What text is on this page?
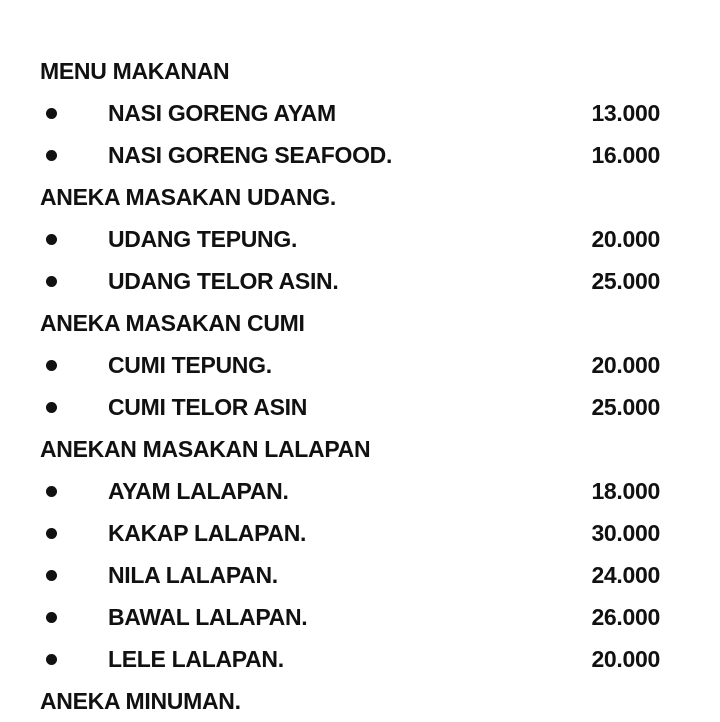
MENU MAKANAN
NASI GORENG AYAM	13.000
NASI GORENG SEAFOOD.	16.000
ANEKA MASAKAN UDANG.
UDANG TEPUNG.	20.000
UDANG TELOR ASIN.	25.000
ANEKA MASAKAN CUMI
CUMI TEPUNG.	20.000
CUMI TELOR ASIN	25.000
ANEKAN MASAKAN LALAPAN
AYAM LALAPAN.	18.000
KAKAP LALAPAN.	30.000
NILA LALAPAN.	24.000
BAWAL LALAPAN.	26.000
LELE LALAPAN.	20.000
ANEKA MINUMAN.
